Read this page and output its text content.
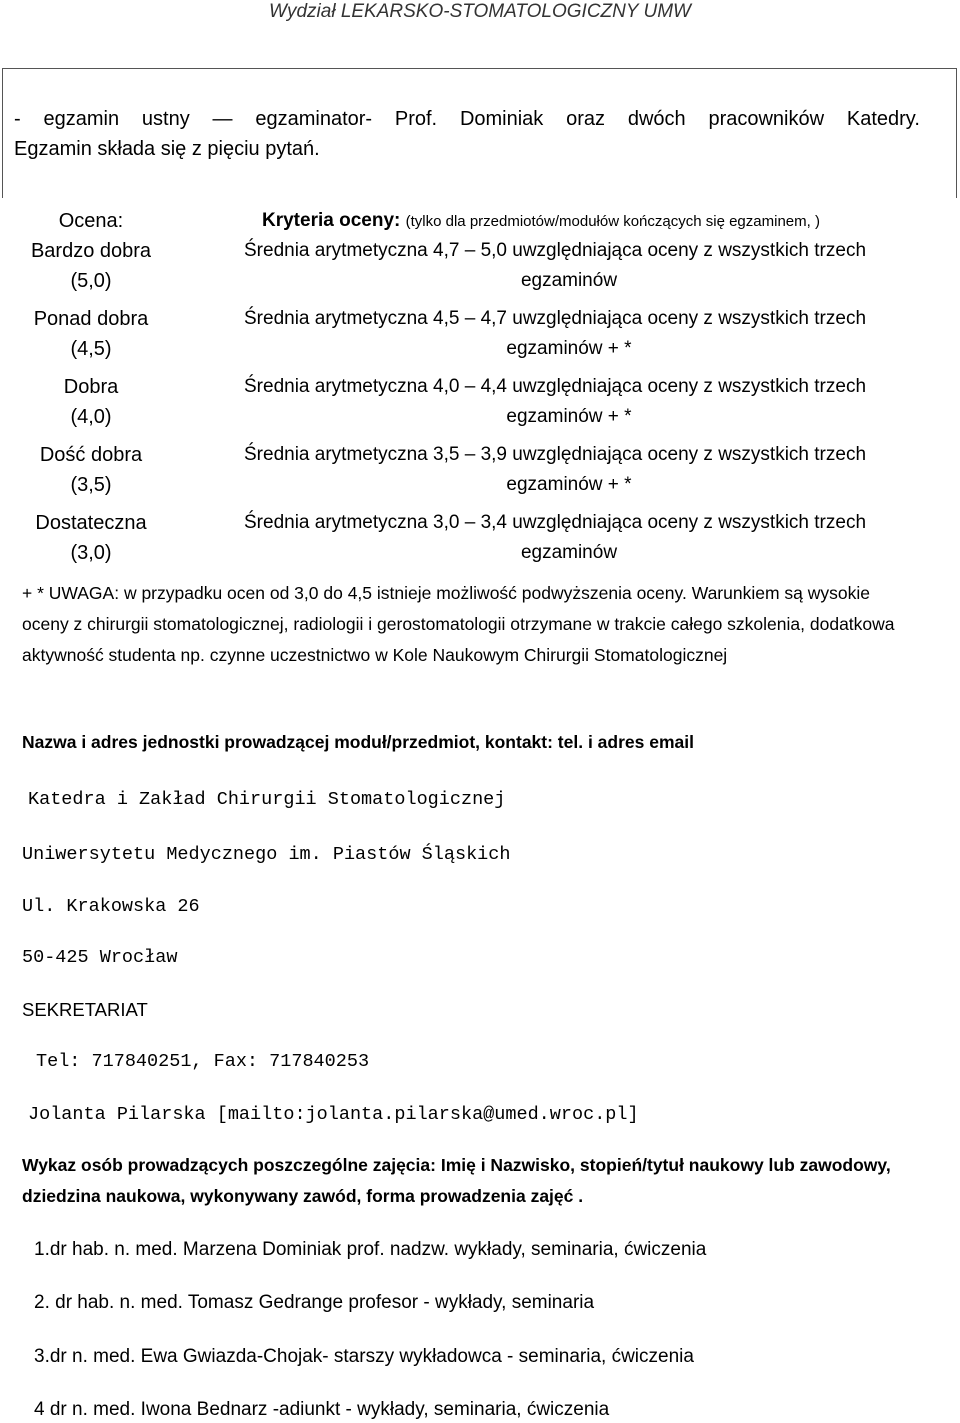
Wydział LEKARSKO-STOMATOLOGICZNY UMW
- egzamin ustny — egzaminator- Prof. Dominiak oraz dwóch pracowników Katedry.
Egzamin składa się z pięciu pytań.
Ocena:	Kryteria oceny: (tylko dla przedmiotów/modułów kończących się egzaminem, )
Bardzo dobra
(5,0)
Średnia arytmetyczna 4,7 – 5,0 uwzględniająca oceny z wszystkich trzech
egzaminów
Ponad dobra
(4,5)
Średnia arytmetyczna 4,5 – 4,7 uwzględniająca oceny z wszystkich trzech
egzaminów + *
Dobra
(4,0)
Średnia arytmetyczna 4,0 – 4,4 uwzględniająca oceny z wszystkich trzech
egzaminów + *
Dość dobra
(3,5)
Średnia arytmetyczna 3,5 – 3,9 uwzględniająca oceny z wszystkich trzech
egzaminów + *
Dostateczna
(3,0)
Średnia arytmetyczna 3,0 – 3,4 uwzględniająca oceny z wszystkich trzech
egzaminów
+ * UWAGA: w przypadku ocen od 3,0 do 4,5 istnieje możliwość podwyższenia oceny. Warunkiem są wysokie oceny z chirurgii stomatologicznej, radiologii i gerostomatologii otrzymane w trakcie całego szkolenia, dodatkowa aktywność studenta np. czynne uczestnictwo w Kole Naukowym Chirurgii Stomatologicznej
Nazwa i adres jednostki prowadzącej moduł/przedmiot, kontakt: tel. i adres email
Katedra i Zakład Chirurgii Stomatologicznej
Uniwersytetu Medycznego im. Piastów Śląskich
Ul. Krakowska 26
50-425 Wrocław
SEKRETARIAT
Tel: 717840251, Fax: 717840253
Jolanta Pilarska [mailto:jolanta.pilarska@umed.wroc.pl]
Wykaz osób prowadzących poszczególne zajęcia: Imię i Nazwisko, stopień/tytuł naukowy lub zawodowy, dziedzina naukowa, wykonywany zawód, forma prowadzenia zajęć .
1.dr hab. n. med. Marzena Dominiak prof. nadzw. wykłady, seminaria, ćwiczenia
2. dr hab. n. med. Tomasz Gedrange profesor - wykłady, seminaria
3.dr n. med. Ewa Gwiazda-Chojak- starszy wykładowca - seminaria, ćwiczenia
4 dr n. med. Iwona Bednarz -adiunkt - wykłady, seminaria, ćwiczenia
